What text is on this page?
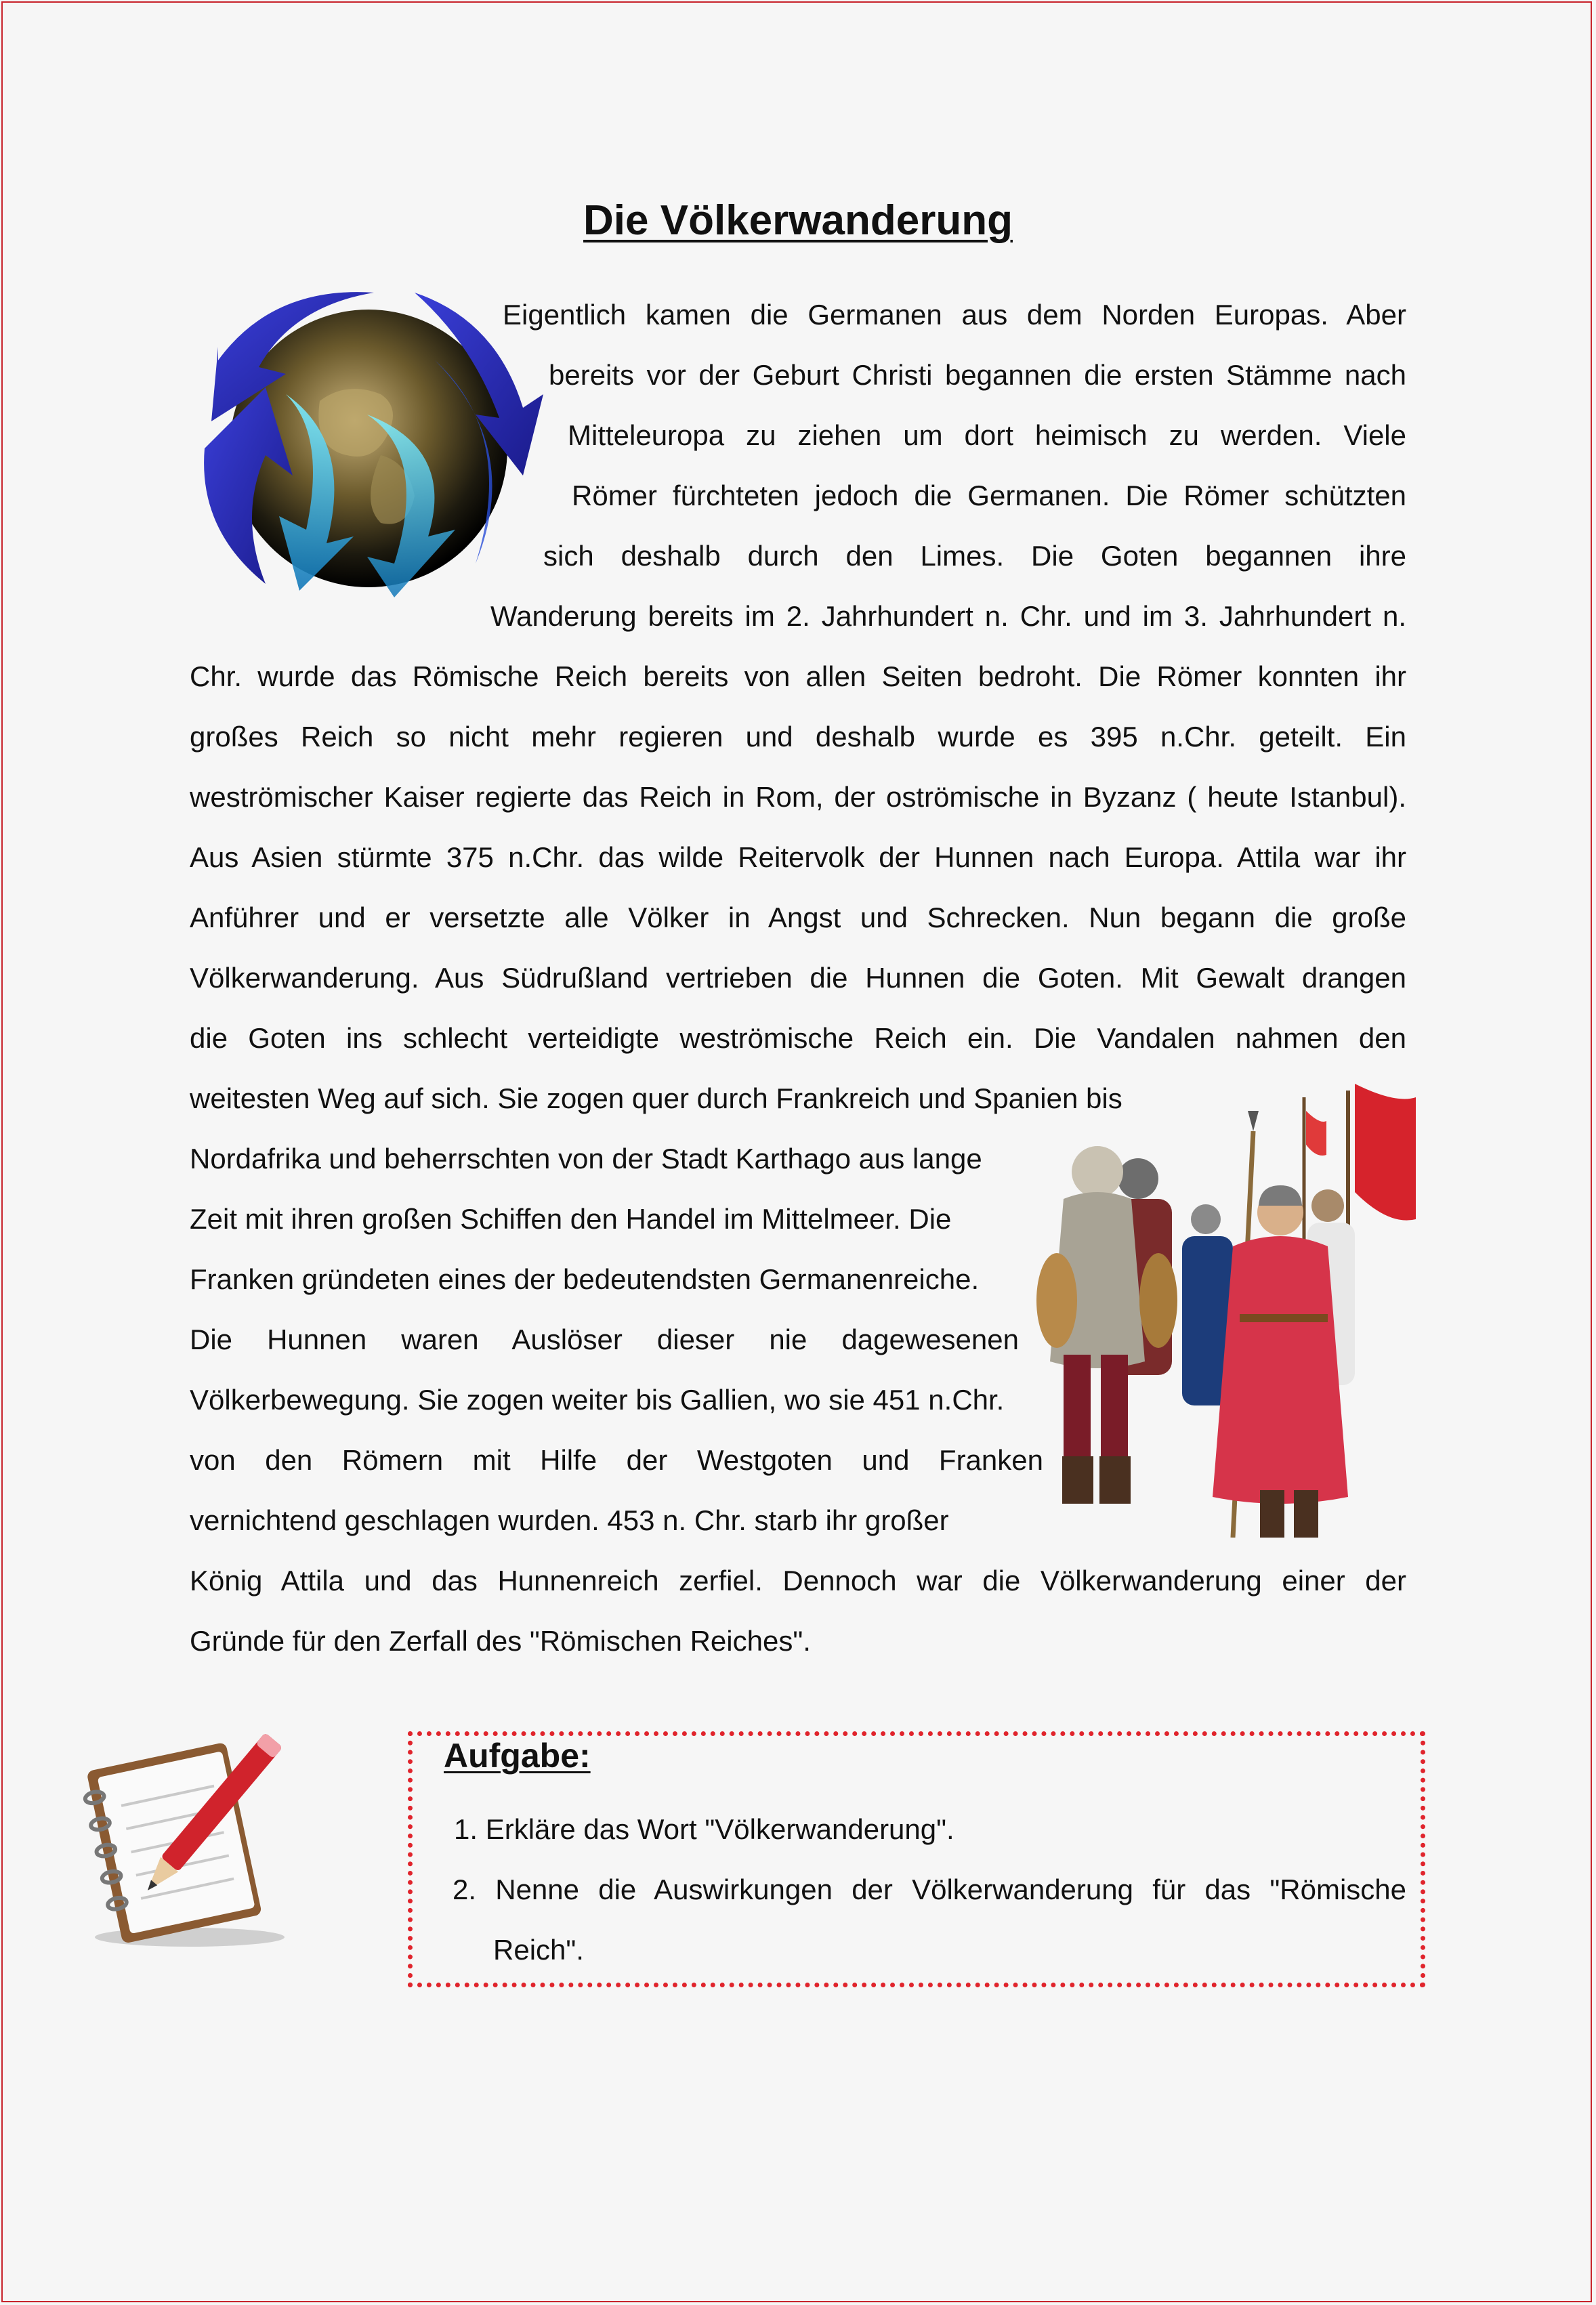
Die Völkerwanderung
Eigentlich kamen die Germanen aus dem Norden Europas. Aber
bereits vor der Geburt Christi begannen die ersten Stämme nach
Mitteleuropa zu ziehen um dort heimisch zu werden. Viele
Römer fürchteten jedoch die Germanen. Die Römer schützten
sich deshalb durch den Limes. Die Goten begannen ihre
Wanderung bereits im 2. Jahrhundert n. Chr. und im 3. Jahrhundert n.
Chr. wurde das Römische Reich bereits von allen Seiten bedroht. Die Römer konnten ihr
großes Reich so nicht mehr regieren und deshalb wurde es 395 n.Chr. geteilt. Ein
weströmischer Kaiser regierte das Reich in Rom, der oströmische in Byzanz ( heute Istanbul).
Aus Asien stürmte 375 n.Chr. das wilde Reitervolk der Hunnen nach Europa. Attila war ihr
Anführer und er versetzte alle Völker in Angst und Schrecken. Nun begann die große
Völkerwanderung. Aus Südrußland vertrieben die Hunnen die Goten. Mit Gewalt drangen
die Goten ins schlecht verteidigte weströmische Reich ein. Die Vandalen nahmen den
weitesten Weg auf sich. Sie zogen quer durch Frankreich und Spanien bis
Nordafrika und beherrschten von der Stadt Karthago aus lange
Zeit mit ihren großen Schiffen den Handel im Mittelmeer. Die
Franken gründeten eines der bedeutendsten Germanenreiche.
Die Hunnen waren Auslöser dieser nie dagewesenen
Völkerbewegung. Sie zogen weiter bis Gallien, wo sie 451 n.Chr.
von den Römern mit Hilfe der Westgoten und Franken
vernichtend geschlagen wurden. 453 n. Chr. starb ihr großer
König Attila und das Hunnenreich zerfiel. Dennoch war die Völkerwanderung einer der
Gründe für den Zerfall des "Römischen Reiches".
Aufgabe:
1. Erkläre das Wort "Völkerwanderung".
2. Nenne die Auswirkungen der Völkerwanderung für das "Römische
Reich".
